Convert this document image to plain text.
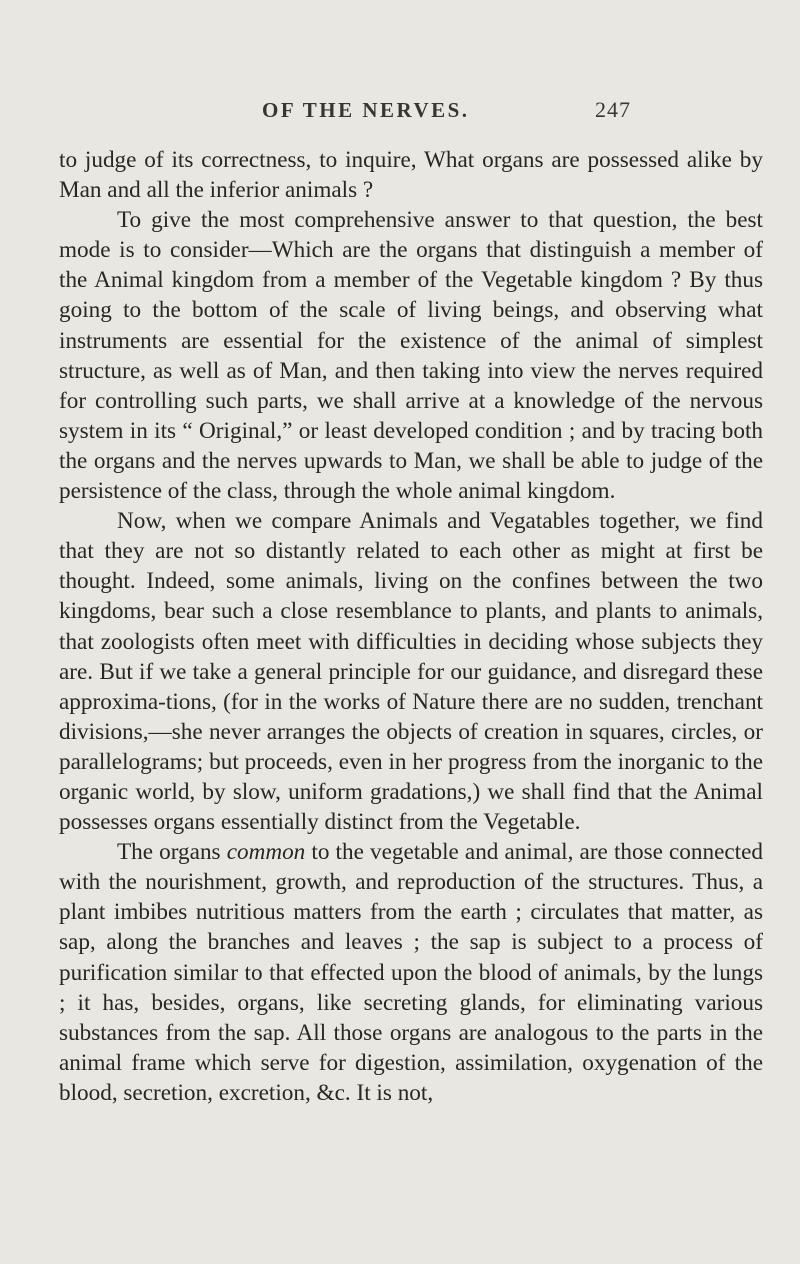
OF THE NERVES.	247

to judge of its correctness, to inquire, What organs are possessed alike by Man and all the inferior animals ?

To give the most comprehensive answer to that question, the best mode is to consider—Which are the organs that distinguish a member of the Animal kingdom from a member of the Vegetable kingdom ? By thus going to the bottom of the scale of living beings, and observing what instruments are essential for the existence of the animal of simplest structure, as well as of Man, and then taking into view the nerves required for controlling such parts, we shall arrive at a knowledge of the nervous system in its “ Original,” or least developed condition ; and by tracing both the organs and the nerves upwards to Man, we shall be able to judge of the persistence of the class, through the whole animal kingdom.

Now, when we compare Animals and Vegatables together, we find that they are not so distantly related to each other as might at first be thought. Indeed, some animals, living on the confines between the two kingdoms, bear such a close resemblance to plants, and plants to animals, that zoologists often meet with difficulties in deciding whose subjects they are. But if we take a general principle for our guidance, and disregard these approxima-tions, (for in the works of Nature there are no sudden, trenchant divisions,—she never arranges the objects of creation in squares, circles, or parallelograms; but proceeds, even in her progress from the inorganic to the organic world, by slow, uniform gradations,) we shall find that the Animal possesses organs essentially distinct from the Vegetable.

The organs common to the vegetable and animal, are those connected with the nourishment, growth, and reproduction of the structures. Thus, a plant imbibes nutritious matters from the earth ; circulates that matter, as sap, along the branches and leaves ; the sap is subject to a process of purification similar to that effected upon the blood of animals, by the lungs ; it has, besides, organs, like secreting glands, for eliminating various substances from the sap. All those organs are analogous to the parts in the animal frame which serve for digestion, assimilation, oxygenation of the blood, secretion, excretion, &c. It is not,
